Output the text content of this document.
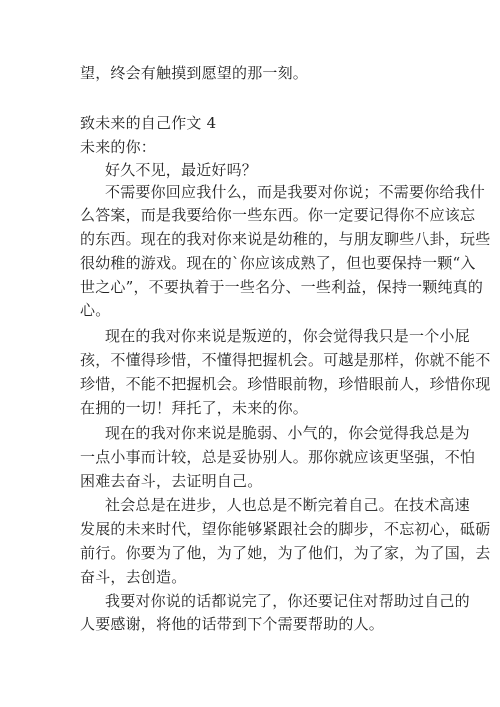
望，终会有触摸到愿望的那一刻。
致未来的自己作文 4
未来的你：
好久不见，最近好吗？
不需要你回应我什么，而是我要对你说；不需要你给我什
么答案，而是我要给你一些东西。你一定要记得你不应该忘
的东西。现在的我对你来说是幼稚的，与朋友聊些八卦，玩些
很幼稚的游戏。现在的`你应该成熟了，但也要保持一颗“入
世之心”，不要执着于一些名分、一些利益，保持一颗纯真的
心。
现在的我对你来说是叛逆的，你会觉得我只是一个小屁
孩，不懂得珍惜，不懂得把握机会。可越是那样，你就不能不
珍惜，不能不把握机会。珍惜眼前物，珍惜眼前人，珍惜你现
在拥的一切！拜托了，未来的你。
现在的我对你来说是脆弱、小气的，你会觉得我总是为
一点小事而计较，总是妥协别人。那你就应该更坚强，不怕
困难去奋斗，去证明自己。
社会总是在进步，人也总是不断完着自己。在技术高速
发展的未来时代，望你能够紧跟社会的脚步，不忘初心，砥砺
前行。你要为了他，为了她，为了他们，为了家，为了国，去
奋斗，去创造。
我要对你说的话都说完了，你还要记住对帮助过自己的
人要感谢，将他的话带到下个需要帮助的人。
